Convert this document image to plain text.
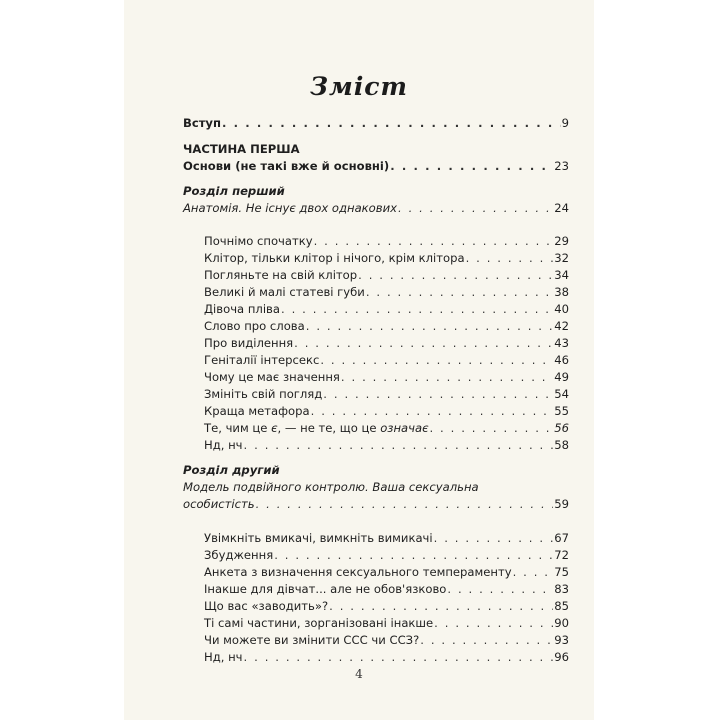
Зміст
Вступ . . .	9
ЧАСТИНА ПЕРША
Основи (не такі вже й основні) . . .	23
Розділ перший
Анатомія. Не існує двох однакових . . .	24
Почнімо спочатку . . .	29
Клітор, тільки клітор і нічого, крім клітора . . .	32
Погляньте на свій клітор . . .	34
Великі й малі статеві губи . . .	38
Дівоча пліва . . .	40
Слово про слова . . .	42
Про виділення . . .	43
Геніталії інтерсекс . . .	46
Чому це має значення . . .	49
Змініть свій погляд . . .	54
Краща метафора . . .	55
Те, чим це є, — не те, що це означає . . .	56
Нд, нч . . .	58
Розділ другий
Модель подвійного контролю. Ваша сексуальна
особистість . . .	59
Увімкніть вмикачі, вимкніть вимикачі . . .	67
Збудження . . .	72
Анкета з визначення сексуального темпераменту . . .	75
Інакше для дівчат... але не обов'язково . . .	83
Що вас «заводить»? . . .	85
Ті самі частини, зорганізовані інакше . . .	90
Чи можете ви змінити ССС чи ССЗ? . . .	93
Нд, нч . . .	96
4
